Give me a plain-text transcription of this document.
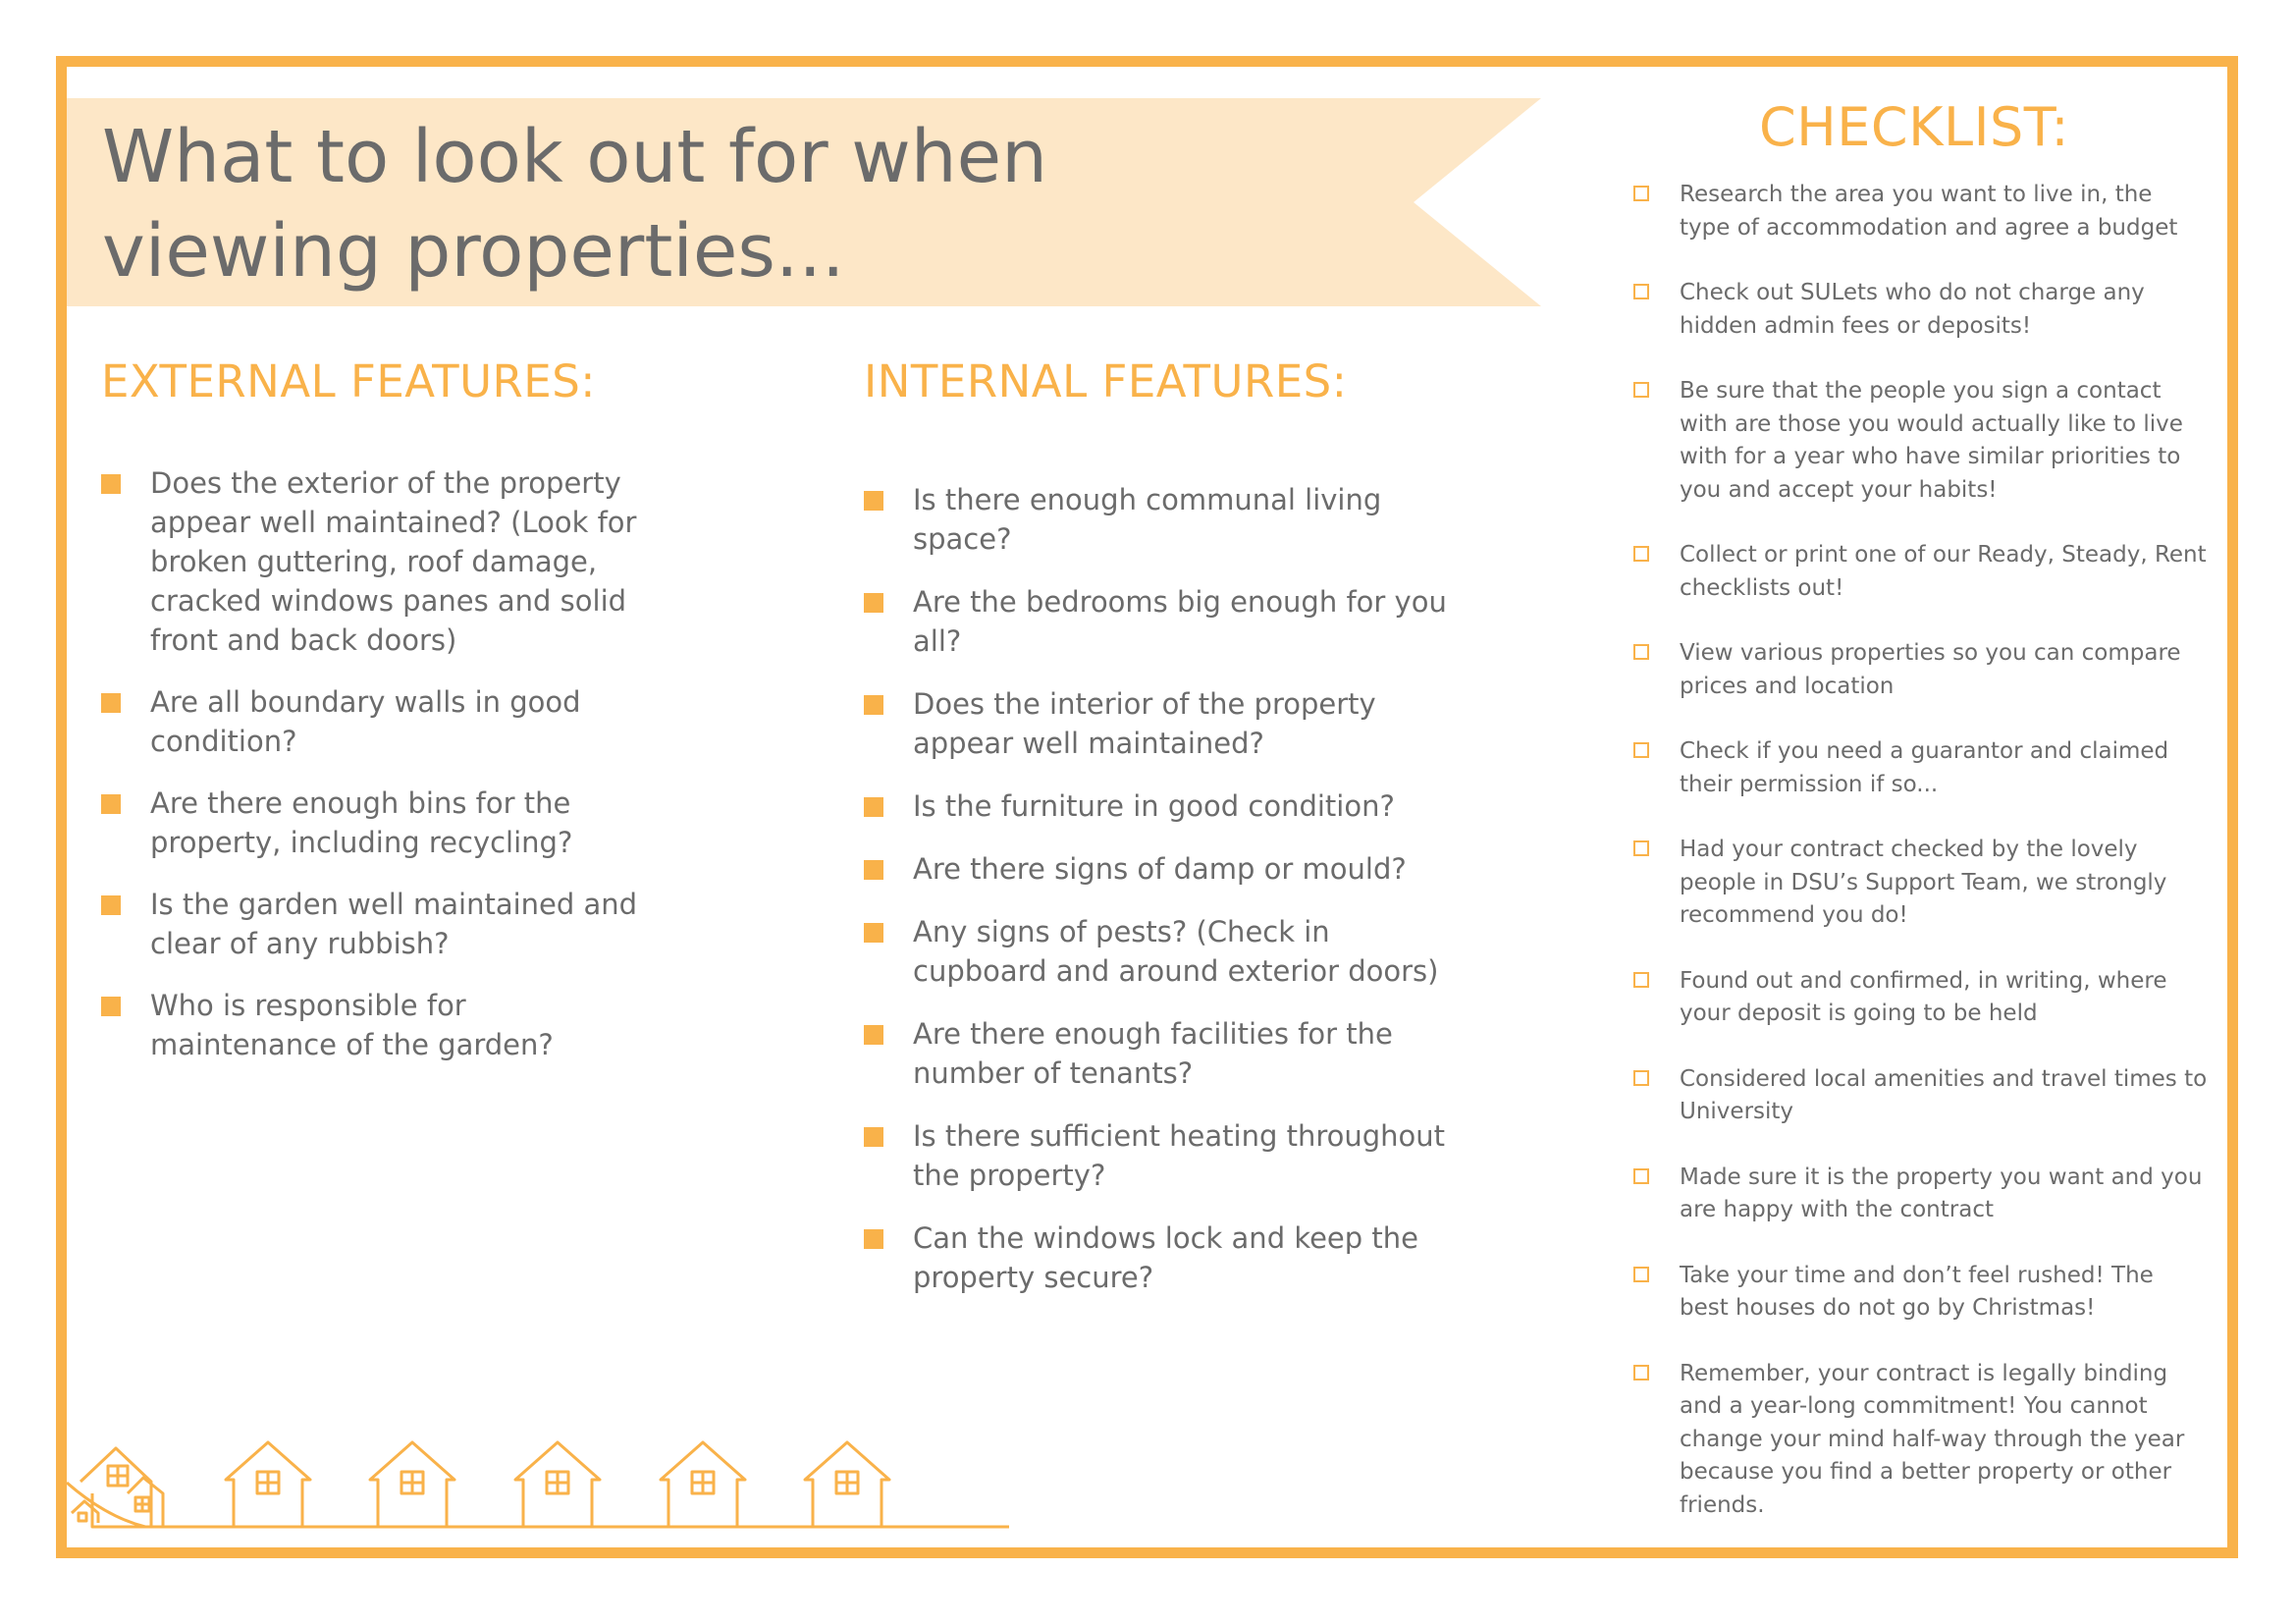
What to look out for when
viewing properties...
EXTERNAL FEATURES:
Does the exterior of the property appear well maintained? (Look for broken guttering, roof damage, cracked windows panes and solid front and back doors)
Are all boundary walls in good condition?
Are there enough bins for the property, including recycling?
Is the garden well maintained and clear of any rubbish?
Who is responsible for maintenance of the garden?
INTERNAL FEATURES:
Is there enough communal living space?
Are the bedrooms big enough for you all?
Does the interior of the property appear well maintained?
Is the furniture in good condition?
Are there signs of damp or mould?
Any signs of pests? (Check in cupboard and around exterior doors)
Are there enough facilities for the number of tenants?
Is there sufficient heating throughout the property?
Can the windows lock and keep the property secure?
CHECKLIST:
Research the area you want to live in, the type of accommodation and agree a budget
Check out SULets who do not charge any hidden admin fees or deposits!
Be sure that the people you sign a contact with are those you would actually like to live with for a year who have similar priorities to you and accept your habits!
Collect or print one of our Ready, Steady, Rent checklists out!
View various properties so you can compare prices and location
Check if you need a guarantor and claimed their permission if so...
Had your contract checked by the lovely people in DSU’s Support Team, we strongly recommend you do!
Found out and confirmed, in writing, where your deposit is going to be held
Considered local amenities and travel times to University
Made sure it is the property you want and you are happy with the contract
Take your time and don’t feel rushed! The best houses do not go by Christmas!
Remember, your contract is legally binding and a year-long commitment! You cannot change your mind half-way through the year because you find a better property or other friends.
